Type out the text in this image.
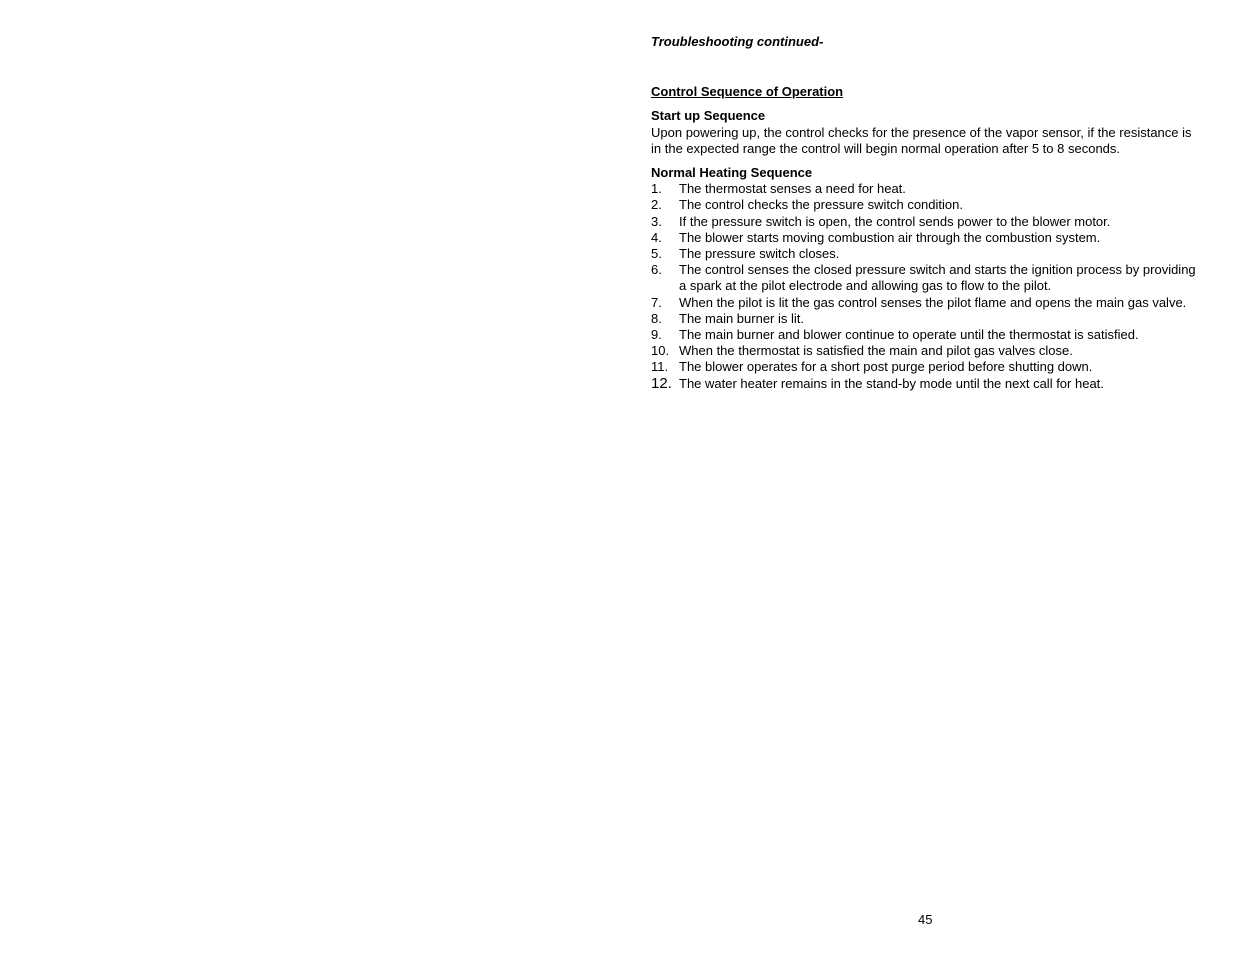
Troubleshooting continued-

Control Sequence of Operation

Start up Sequence

Upon powering up, the control checks for the presence of the vapor sensor, if the resistance is in the expected range the control will begin normal operation after 5 to 8 seconds.

Normal Heating Sequence

1.	The thermostat senses a need for heat.
2.	The control checks the pressure switch condition.
3.	If the pressure switch is open, the control sends power to the blower motor.
4.	The blower starts moving combustion air through the combustion system.
5.	The pressure switch closes.
6.	The control senses the closed pressure switch and starts the ignition process by providing a spark at the pilot electrode and allowing gas to flow to the pilot.
7.	When the pilot is lit the gas control senses the pilot flame and opens the main gas valve.
8.	The main burner is lit.
9.	The main burner and blower continue to operate until the thermostat is satisfied.
10. When the thermostat is satisfied the main and pilot gas valves close.
11. The blower operates for a short post purge period before shutting down.
12. The water heater remains in the stand-by mode until the next call for heat.
45
